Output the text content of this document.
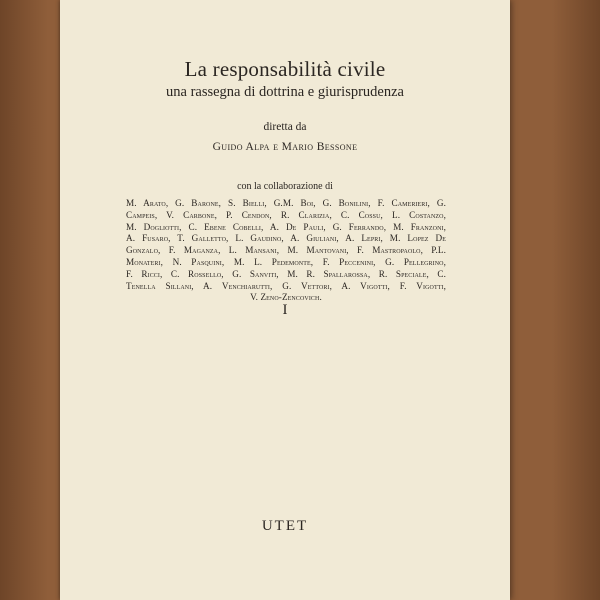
La responsabilità civile
una rassegna di dottrina e giurisprudenza
diretta da
Guido Alpa e Mario Bessone
con la collaborazione di
M. Arato, G. Barone, S. Bielli, G.M. Boi, G. Bonilini, F. Camerieri, G.
Campeis, V. Carbone, P. Cendon, R. Clarizia, C. Cossu, L. Costanzo,
M. Dogliotti, C. Ebene Cobelli, A. De Pauli, G. Ferrando, M. Franzoni,
A. Fusaro, T. Galletto, L. Gaudino, A. Giuliani, A. Lepri, M. Lopez De
Gonzalo, F. Maganza, L. Mansani, M. Mantovani, F. Mastropaolo, P.L.
Monateri, N. Pasquini, M. L. Pedemonte, F. Peccenini, G. Pellegrino,
F. Ricci, C. Rossello, G. Sanviti, M. R. Spallarossa, R. Speciale, C.
Tenella Sillani, A. Venchiarutti, G. Vettori, A. Vigotti, F. Vigotti,
V. Zeno-Zencovich.
I
UTET
